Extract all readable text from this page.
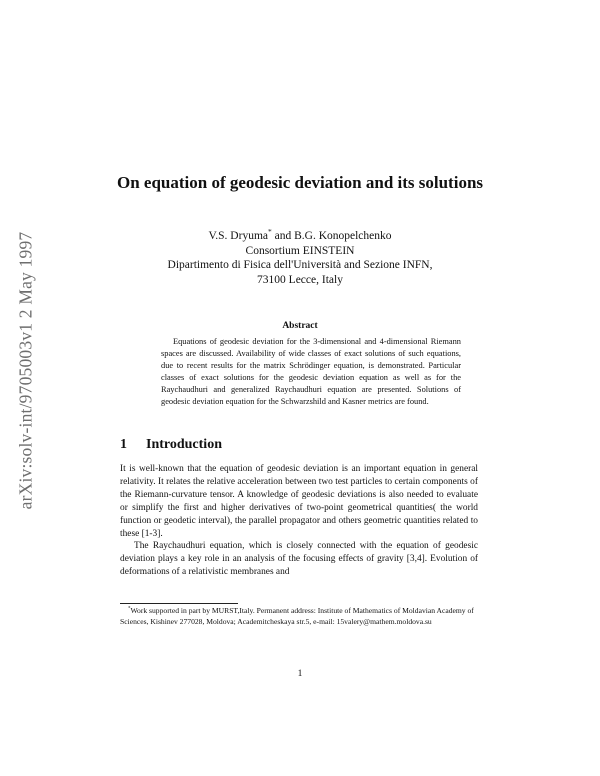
arXiv:solv-int/9705003v1 2 May 1997
On equation of geodesic deviation and its solutions
V.S. Dryuma* and B.G. Konopelchenko
Consortium EINSTEIN
Dipartimento di Fisica dell'Università and Sezione INFN,
73100 Lecce, Italy
Abstract

Equations of geodesic deviation for the 3-dimensional and 4-dimensional Riemann spaces are discussed. Availability of wide classes of exact solutions of such equations, due to recent results for the matrix Schrödinger equation, is demonstrated. Particular classes of exact solutions for the geodesic deviation equation as well as for the Raychaudhuri and generalized Raychaudhuri equation are presented. Solutions of geodesic deviation equation for the Schwarzshild and Kasner metrics are found.

1 Introduction

It is well-known that the equation of geodesic deviation is an important equation in general relativity. It relates the relative acceleration between two test particles to certain components of the Riemann-curvature tensor. A knowledge of geodesic deviations is also needed to evaluate or simplify the first and higher derivatives of two-point geometrical quantities( the world function or geodetic interval), the parallel propagator and others geometric quantities related to these [1-3].

The Raychaudhuri equation, which is closely connected with the equation of geodesic deviation plays a key role in an analysis of the focusing effects of gravity [3,4]. Evolution of deformations of a relativistic membranes and

*Work supported in part by MURST,Italy. Permanent address: Institute of Mathematics of Moldavian Academy of Sciences, Kishinev 277028, Moldova; Academitcheskaya str.5, e-mail: 15valery@mathem.moldova.su

1
